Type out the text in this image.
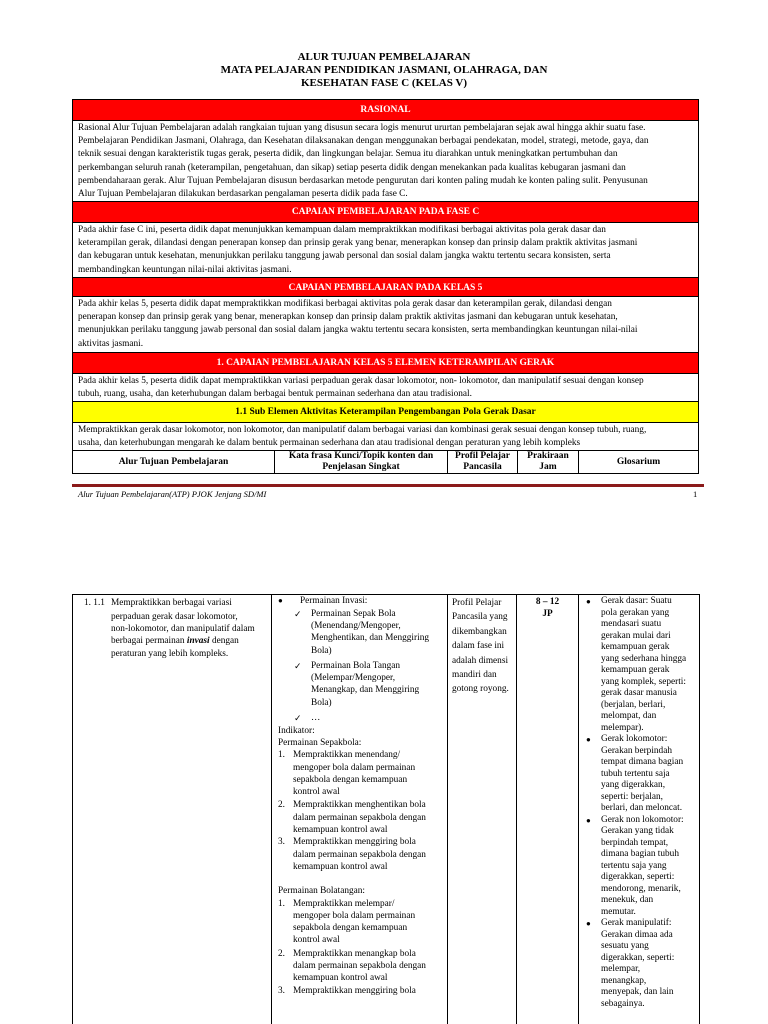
ALUR TUJUAN PEMBELAJARAN
MATA PELAJARAN PENDIDIKAN JASMANI, OLAHRAGA, DAN
KESEHATAN FASE C (KELAS V)
RASIONAL
Rasional Alur Tujuan Pembelajaran adalah rangkaian tujuan yang disusun secara logis menurut ururtan pembelajaran sejak awal hingga akhir suatu fase.
Pembelajaran Pendidikan Jasmani, Olahraga, dan Kesehatan dilaksanakan dengan menggunakan berbagai pendekatan, model, strategi, metode, gaya, dan
teknik sesuai dengan karakteristik tugas gerak, peserta didik, dan lingkungan belajar. Semua itu diarahkan untuk meningkatkan pertumbuhan dan
perkembangan seluruh ranah (keterampilan, pengetahuan, dan sikap) setiap peserta didik dengan menekankan pada kualitas kebugaran jasmani dan
pembendaharaan gerak. Alur Tujuan Pembelajaran disusun berdasarkan metode pengurutan dari konten paling mudah ke konten paling sulit. Penyusunan
Alur Tujuan Pembelajaran dilakukan berdasarkan pengalaman peserta didik pada fase C.
CAPAIAN PEMBELAJARAN PADA FASE C
Pada akhir fase C ini, peserta didik dapat menunjukkan kemampuan dalam mempraktikkan modifikasi berbagai aktivitas pola gerak dasar dan
keterampilan gerak, dilandasi dengan penerapan konsep dan prinsip gerak yang benar, menerapkan konsep dan prinsip dalam praktik aktivitas jasmani
dan kebugaran untuk kesehatan, menunjukkan perilaku tanggung jawab personal dan sosial dalam jangka waktu tertentu secara konsisten, serta
membandingkan keuntungan nilai-nilai aktivitas jasmani.
CAPAIAN PEMBELAJARAN PADA KELAS 5
Pada akhir kelas 5, peserta didik dapat mempraktikkan modifikasi berbagai aktivitas pola gerak dasar dan keterampilan gerak, dilandasi dengan
penerapan konsep dan prinsip gerak yang benar, menerapkan konsep dan prinsip dalam praktik aktivitas jasmani dan kebugaran untuk kesehatan,
menunjukkan perilaku tanggung jawab personal dan sosial dalam jangka waktu tertentu secara konsisten, serta membandingkan keuntungan nilai-nilai
aktivitas jasmani.
1. CAPAIAN PEMBELAJARAN KELAS 5 ELEMEN KETERAMPILAN GERAK
Pada akhir kelas 5, peserta didik dapat mempraktikkan variasi perpaduan gerak dasar lokomotor, non- lokomotor, dan manipulatif sesuai dengan konsep
tubuh, ruang, usaha, dan keterhubungan dalam berbagai bentuk permainan sederhana dan atau tradisional.
1.1 Sub Elemen Aktivitas Keterampilan Pengembangan Pola Gerak Dasar
Mempraktikkan gerak dasar lokomotor, non lokomotor, dan manipulatif dalam berbagai variasi dan kombinasi gerak sesuai dengan konsep tubuh, ruang,
usaha, dan keterhubungan mengarah ke dalam bentuk permainan sederhana dan atau tradisional dengan peraturan yang lebih kompleks
Alur Tujuan Pembelajaran
Kata frasa Kunci/Topik konten dan
Penjelasan Singkat
Profil Pelajar
Pancasila
Prakiraan
Jam
Glosarium
Alur Tujuan Pembelajaran(ATP) PJOK Jenjang SD/MI	1
1. 1.1 Mempraktikkan berbagai variasi
perpaduan gerak dasar lokomotor,
non-lokomotor, dan manipulatif dalam
berbagai permainan invasi dengan
peraturan yang lebih kompleks.
● Permainan Invasi:
✓ Permainan Sepak Bola
(Menendang/Mengoper,
Menghentikan, dan Menggiring
Bola)
✓ Permainan Bola Tangan
(Melempar/Mengoper,
Menangkap, dan Menggiring
Bola)
✓ …
Indikator:
Permainan Sepakbola:
1. Mempraktikkan menendang/
mengoper bola dalam permainan
sepakbola dengan kemampuan
kontrol awal
2. Mempraktikkan menghentikan bola
dalam permainan sepakbola dengan
kemampuan kontrol awal
3. Mempraktikkan menggiring bola
dalam permainan sepakbola dengan
kemampuan kontrol awal
Permainan Bolatangan:
1. Mempraktikkan melempar/
mengoper bola dalam permainan
sepakbola dengan kemampuan
kontrol awal
2. Mempraktikkan menangkap bola
dalam permainan sepakbola dengan
kemampuan kontrol awal
3. Mempraktikkan menggiring bola
Profil Pelajar
Pancasila yang
dikembangkan
dalam fase ini
adalah dimensi
mandiri dan
gotong royong.
8 – 12
JP
● Gerak dasar: Suatu
pola gerakan yang
mendasari suatu
gerakan mulai dari
kemampuan gerak
yang sederhana hingga
kemampuan gerak
yang komplek, seperti:
gerak dasar manusia
(berjalan, berlari,
melompat, dan
melempar).
● Gerak lokomotor:
Gerakan berpindah
tempat dimana bagian
tubuh tertentu saja
yang digerakkan,
seperti: berjalan,
berlari, dan meloncat.
● Gerak non lokomotor:
Gerakan yang tidak
berpindah tempat,
dimana bagian tubuh
tertentu saja yang
digerakkan, seperti:
mendorong, menarik,
menekuk, dan
memutar.
● Gerak manipulatif:
Gerakan dimaa ada
sesuatu yang
digerakkan, seperti:
melempar,
menangkap,
menyepak, dan lain
sebagainya.
